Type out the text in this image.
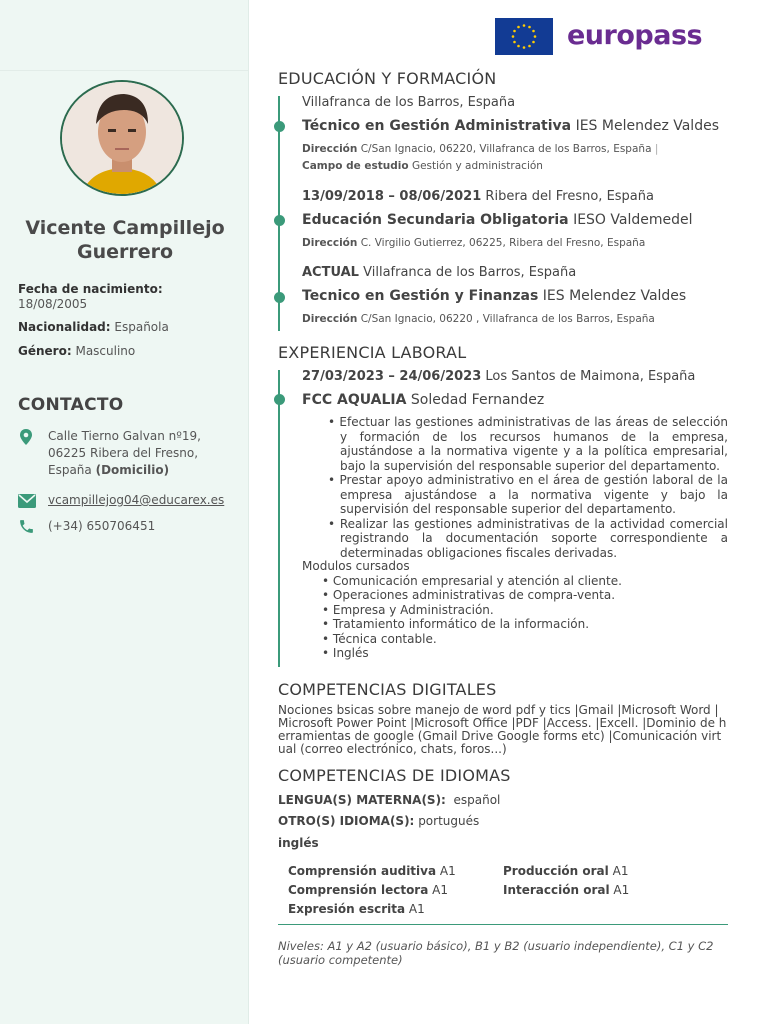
Vicente Campillejo Guerrero
Fecha de nacimiento:
18/08/2005
Nacionalidad: Española
Género: Masculino
CONTACTO
Calle Tierno Galvan nº19, 06225 Ribera del Fresno, España (Domicilio)
vcampillejog04@educarex.es
(+34) 650706451
europass
EDUCACIÓN Y FORMACIÓN
Villafranca de los Barros, España
Técnico en Gestión Administrativa IES Melendez Valdes
Dirección C/San Ignacio, 06220, Villafranca de los Barros, España |
Campo de estudio Gestión y administración
13/09/2018 – 08/06/2021 Ribera del Fresno, España
Educación Secundaria Obligatoria IESO Valdemedel
Dirección C. Virgilio Gutierrez, 06225, Ribera del Fresno, España
ACTUAL Villafranca de los Barros, España
Tecnico en Gestión y Finanzas IES Melendez Valdes
Dirección C/San Ignacio, 06220 , Villafranca de los Barros, España
EXPERIENCIA LABORAL
27/03/2023 – 24/06/2023 Los Santos de Maimona, España
FCC AQUALIA Soledad Fernandez
• Efectuar las gestiones administrativas de las áreas de selección y formación de los recursos humanos de la empresa, ajustándose a la normativa vigente y a la política empresarial, bajo la supervisión del responsable superior del departamento.
• Prestar apoyo administrativo en el área de gestión laboral de la empresa ajustándose a la normativa vigente y bajo la supervisión del responsable superior del departamento.
• Realizar las gestiones administrativas de la actividad comercial registrando la documentación soporte correspondiente a determinadas obligaciones fiscales derivadas.
Modulos cursados
• Comunicación empresarial y atención al cliente.
• Operaciones administrativas de compra-venta.
• Empresa y Administración.
• Tratamiento informático de la información.
• Técnica contable.
• Inglés
COMPETENCIAS DIGITALES
Nociones bsicas sobre manejo de word pdf y tics |Gmail |Microsoft Word |Microsoft Power Point |Microsoft Office |PDF |Access. |Excell. |Dominio de herramientas de google (Gmail Drive Google forms etc) |Comunicación virtual (correo electrónico, chats, foros...)
COMPETENCIAS DE IDIOMAS
LENGUA(S) MATERNA(S): español
OTRO(S) IDIOMA(S): portugués
inglés
Comprensión auditiva A1	Producción oral A1
Comprensión lectora A1	Interacción oral A1
Expresión escrita A1
Niveles: A1 y A2 (usuario básico), B1 y B2 (usuario independiente), C1 y C2 (usuario competente)
